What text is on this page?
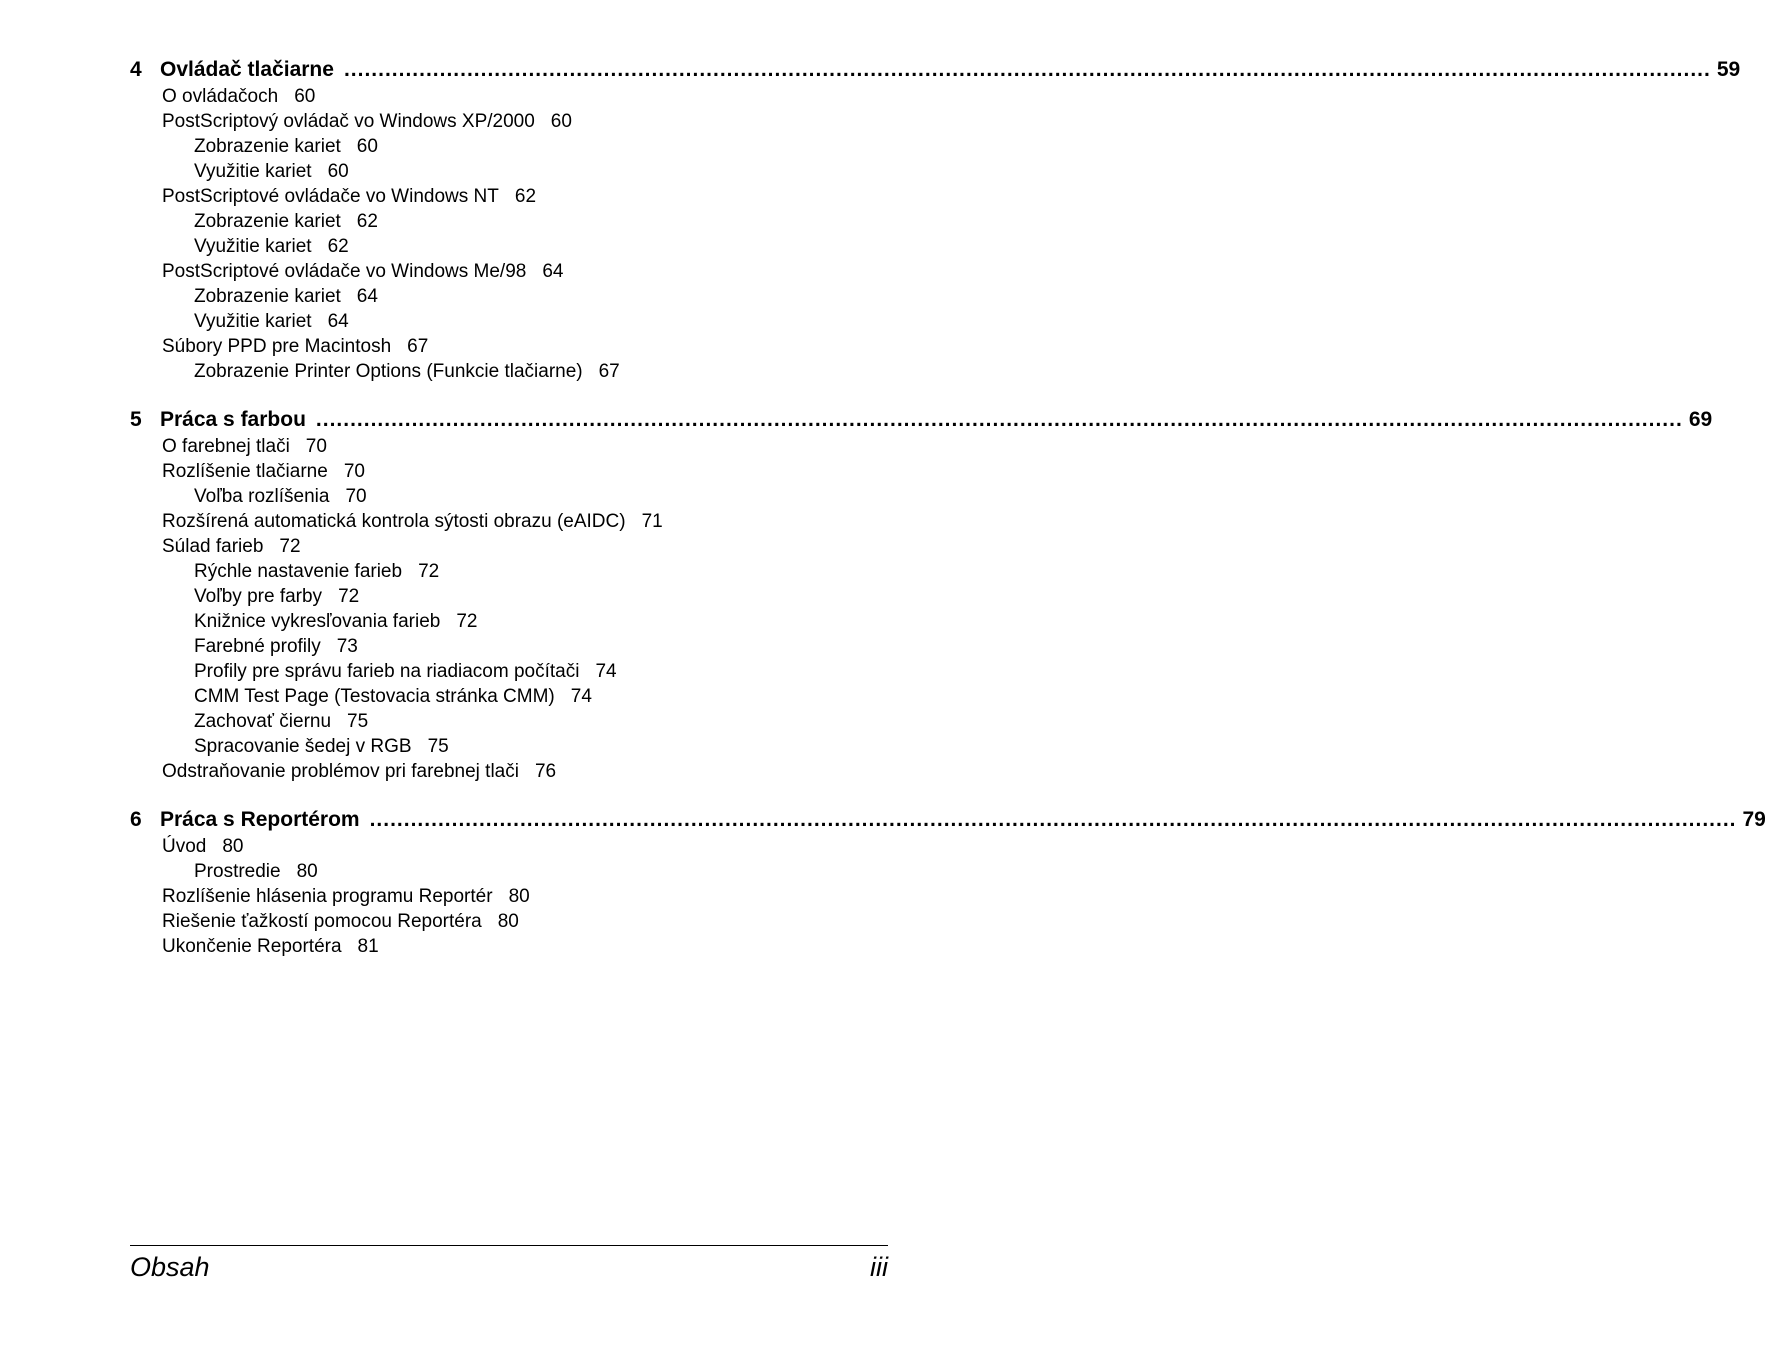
4 Ovládač tlačiarne ........................................................................................................................................................................................................ 59
O ovládačoch 60
PostScriptový ovládač vo Windows XP/2000 60
Zobrazenie kariet 60
Využitie kariet 60
PostScriptové ovládače vo Windows NT 62
Zobrazenie kariet 62
Využitie kariet 62
PostScriptové ovládače vo Windows Me/98 64
Zobrazenie kariet 64
Využitie kariet 64
Súbory PPD pre Macintosh 67
Zobrazenie Printer Options (Funkcie tlačiarne) 67
5 Práca s farbou ........................................................................................................................................................................................................ 69
O farebnej tlači 70
Rozlíšenie tlačiarne 70
Voľba rozlíšenia 70
Rozšírená automatická kontrola sýtosti obrazu (eAIDC) 71
Súlad farieb 72
Rýchle nastavenie farieb 72
Voľby pre farby 72
Knižnice vykresľovania farieb 72
Farebné profily 73
Profily pre správu farieb na riadiacom počítači 74
CMM Test Page (Testovacia stránka CMM) 74
Zachovať čiernu 75
Spracovanie šedej v RGB 75
Odstraňovanie problémov pri farebnej tlači 76
6 Práca s Reportérom ........................................................................................................................................................................................................ 79
Úvod 80
Prostredie 80
Rozlíšenie hlásenia programu Reportér 80
Riešenie ťažkostí pomocou Reportéra 80
Ukončenie Reportéra 81
Obsah	iii
